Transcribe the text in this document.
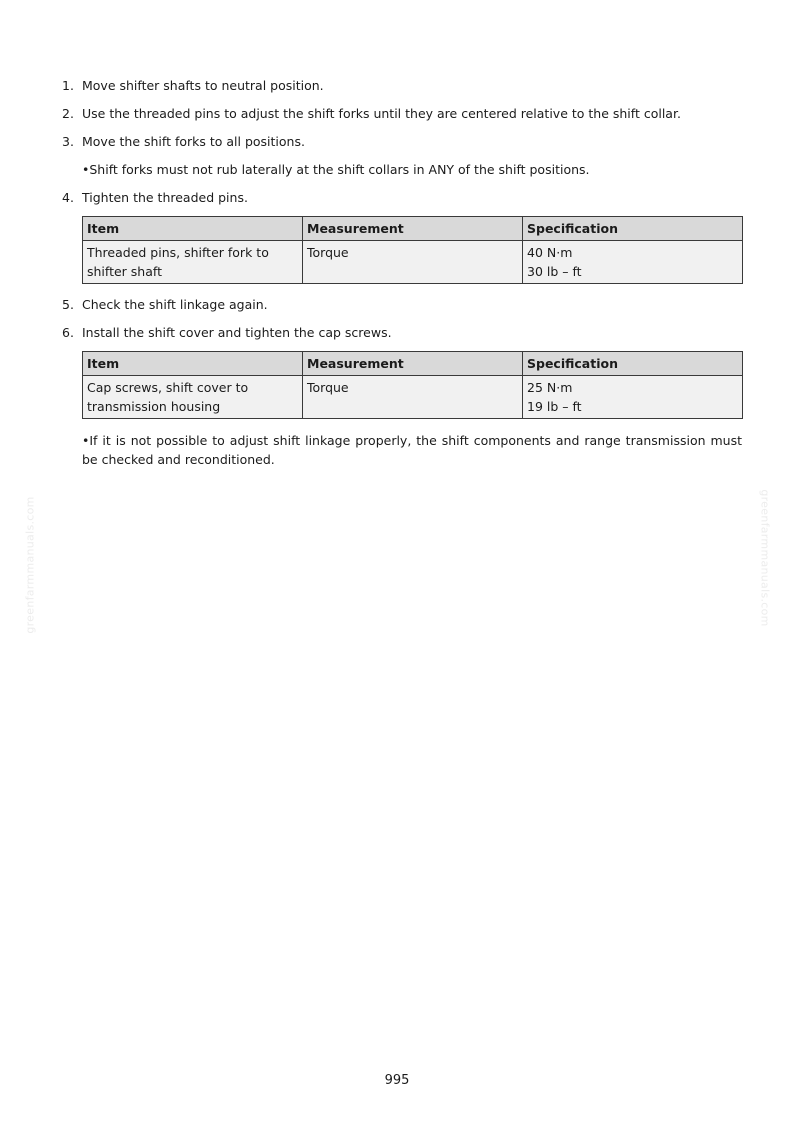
greenfarmmanuals.com	greenfarmmanuals.com
1. Move shifter shafts to neutral position.
2. Use the threaded pins to adjust the shift forks until they are centered relative to the shift collar.
3. Move the shift forks to all positions.
•Shift forks must not rub laterally at the shift collars in ANY of the shift positions.
4. Tighten the threaded pins.
Item	Measurement	Specification
Threaded pins, shifter fork to shifter shaft	Torque	40 N·m
30 lb – ft
5. Check the shift linkage again.
6. Install the shift cover and tighten the cap screws.
Item	Measurement	Specification
Cap screws, shift cover to transmission housing	Torque	25 N·m
19 lb – ft
•If it is not possible to adjust shift linkage properly, the shift components and range transmission must be checked and reconditioned.
995
